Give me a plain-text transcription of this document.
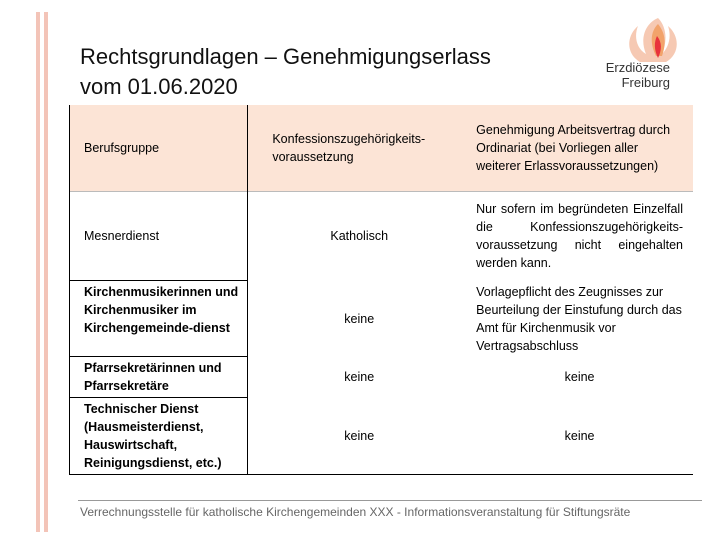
Rechtsgrundlagen – Genehmigungserlass
vom 01.06.2020
Erzdiözese
Freiburg
Berufsgruppe	Konfessionszugehörigkeits-voraussetzung	Genehmigung Arbeitsvertrag durch Ordinariat (bei Vorliegen aller weiterer Erlassvoraussetzungen)
Mesnerdienst	Katholisch	Nur sofern im begründeten Einzelfall die Konfessionszugehörigkeits-voraussetzung nicht eingehalten werden kann.
Kirchenmusikerinnen und Kirchenmusiker im Kirchengemeinde-dienst	keine	Vorlagepflicht des Zeugnisses zur Beurteilung der Einstufung durch das Amt für Kirchenmusik vor Vertragsabschluss
Pfarrsekretärinnen und Pfarrsekretäre	keine	keine
Technischer Dienst (Hausmeisterdienst, Hauswirtschaft, Reinigungsdienst, etc.)	keine	keine
Verrechnungsstelle für katholische Kirchengemeinden XXX - Informationsveranstaltung für Stiftungsräte
